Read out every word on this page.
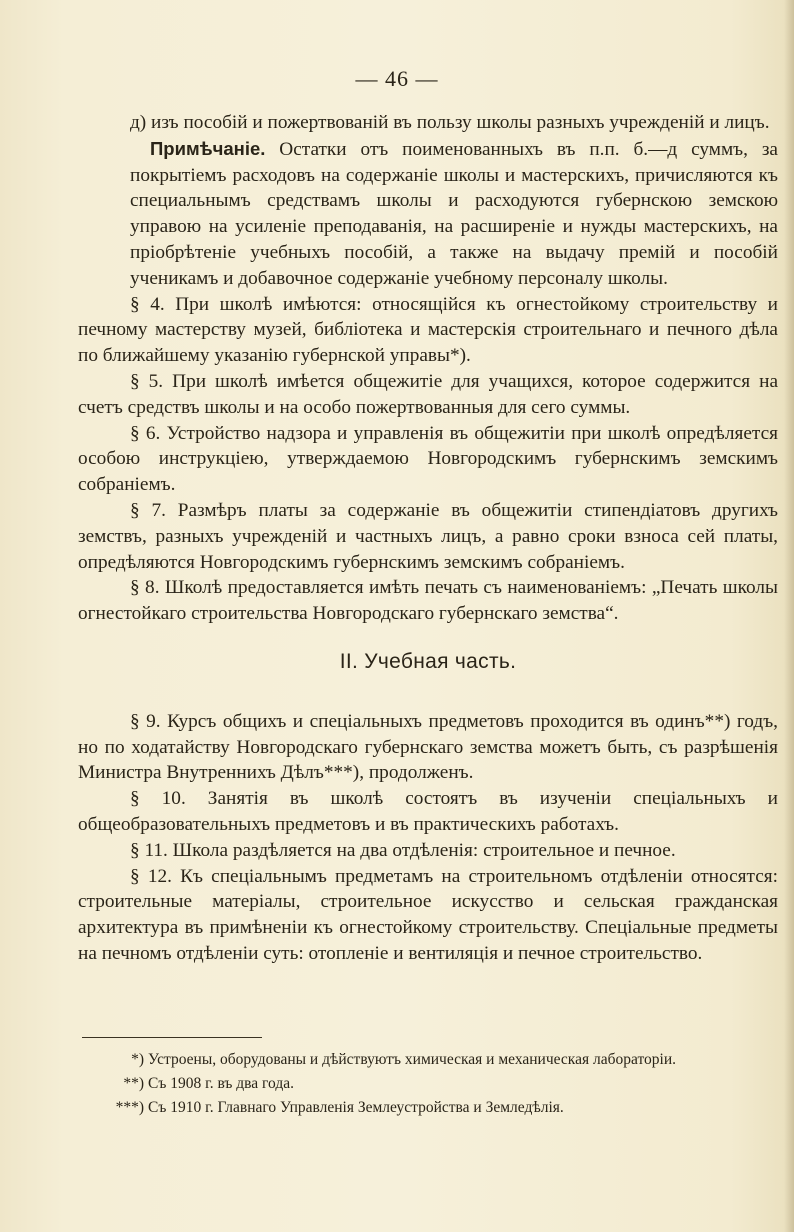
— 46 —

д) изъ пособій и пожертвованій въ пользу школы разныхъ учрежденій и лицъ.

Примѣчаніе. Остатки отъ поименованныхъ въ п.п. б.—д суммъ, за покрытіемъ расходовъ на содержаніе школы и мастерскихъ, причисляются къ специальнымъ средствамъ школы и расходуются губернскою земскою управою на усиленіе преподаванія, на расширеніе и нужды мастерскихъ, на пріобрѣтеніе учебныхъ пособій, а также на выдачу премій и пособій ученикамъ и добавочное содержаніе учебному персоналу школы.

§ 4. При школѣ имѣются: относящійся къ огнестойкому строительству и печному мастерству музей, библіотека и мастерскія строительнаго и печного дѣла по ближайшему указанію губернской управы*).

§ 5. При школѣ имѣется общежитіе для учащихся, которое содержится на счетъ средствъ школы и на особо пожертвованныя для сего суммы.

§ 6. Устройство надзора и управленія въ общежитіи при школѣ опредѣляется особою инструкціею, утверждаемою Новгородскимъ губернскимъ земскимъ собраніемъ.

§ 7. Размѣръ платы за содержаніе въ общежитіи стипендіатовъ другихъ земствъ, разныхъ учрежденій и частныхъ лицъ, а равно сроки взноса сей платы, опредѣляются Новгородскимъ губернскимъ земскимъ собраніемъ.

§ 8. Школѣ предоставляется имѣть печать съ наименованіемъ: „Печать школы огнестойкаго строительства Новгородскаго губернскаго земства“.

II. Учебная часть.

§ 9. Курсъ общихъ и спеціальныхъ предметовъ проходится въ одинъ**) годъ, но по ходатайству Новгородскаго губернскаго земства можетъ быть, съ разрѣшенія Министра Внутреннихъ Дѣлъ***), продолженъ.

§ 10. Занятія въ школѣ состоятъ въ изученіи спеціальныхъ и общеобразовательныхъ предметовъ и въ практическихъ работахъ.

§ 11. Школа раздѣляется на два отдѣленія: строительное и печное.

§ 12. Къ спеціальнымъ предметамъ на строительномъ отдѣленіи относятся: строительные матеріалы, строительное искусство и сельская гражданская архитектура въ примѣненіи къ огнестойкому строительству. Спеціальные предметы на печномъ отдѣленіи суть: отопленіе и вентиляція и печное строительство.

*) Устроены, оборудованы и дѣйствуютъ химическая и механическая лабораторіи.
**) Съ 1908 г. въ два года.
***) Съ 1910 г. Главнаго Управленія Землеустройства и Земледѣлія.
